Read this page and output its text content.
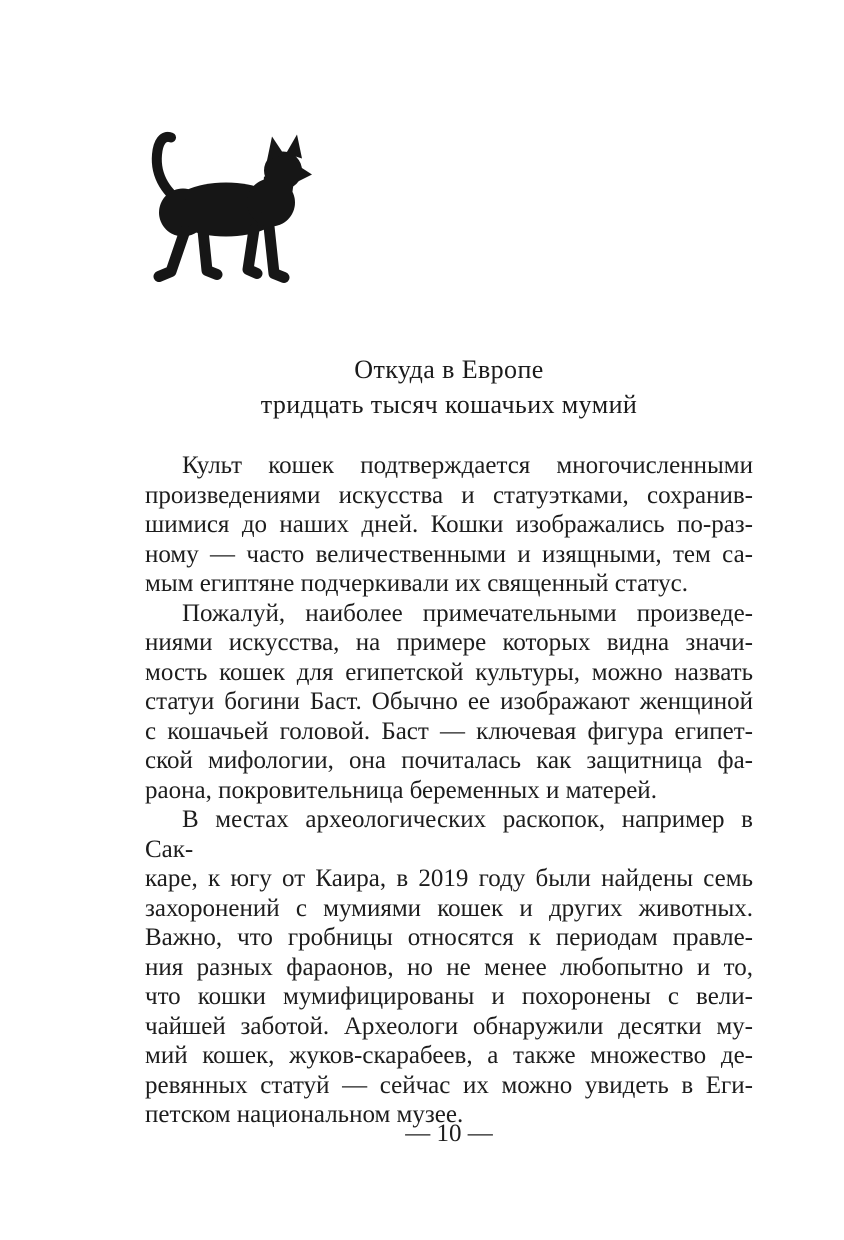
Откуда в Европе
тридцать тысяч кошачьих мумий
Культ кошек подтверждается многочисленными
произведениями искусства и статуэтками, сохранив-
шимися до наших дней. Кошки изображались по-раз-
ному — часто величественными и изящными, тем са-
мым египтяне подчеркивали их священный статус.
Пожалуй, наиболее примечательными произведе-
ниями искусства, на примере которых видна значи-
мость кошек для египетской культуры, можно назвать
статуи богини Баст. Обычно ее изображают женщиной
с кошачьей головой. Баст — ключевая фигура египет-
ской мифологии, она почиталась как защитница фа-
раона, покровительница беременных и матерей.
В местах археологических раскопок, например в Сак-
каре, к югу от Каира, в 2019 году были найдены семь
захоронений с мумиями кошек и других животных.
Важно, что гробницы относятся к периодам правле-
ния разных фараонов, но не менее любопытно и то,
что кошки мумифицированы и похоронены с вели-
чайшей заботой. Археологи обнаружили десятки му-
мий кошек, жуков-скарабеев, а также множество де-
ревянных статуй — сейчас их можно увидеть в Еги-
петском национальном музее.
— 10 —
